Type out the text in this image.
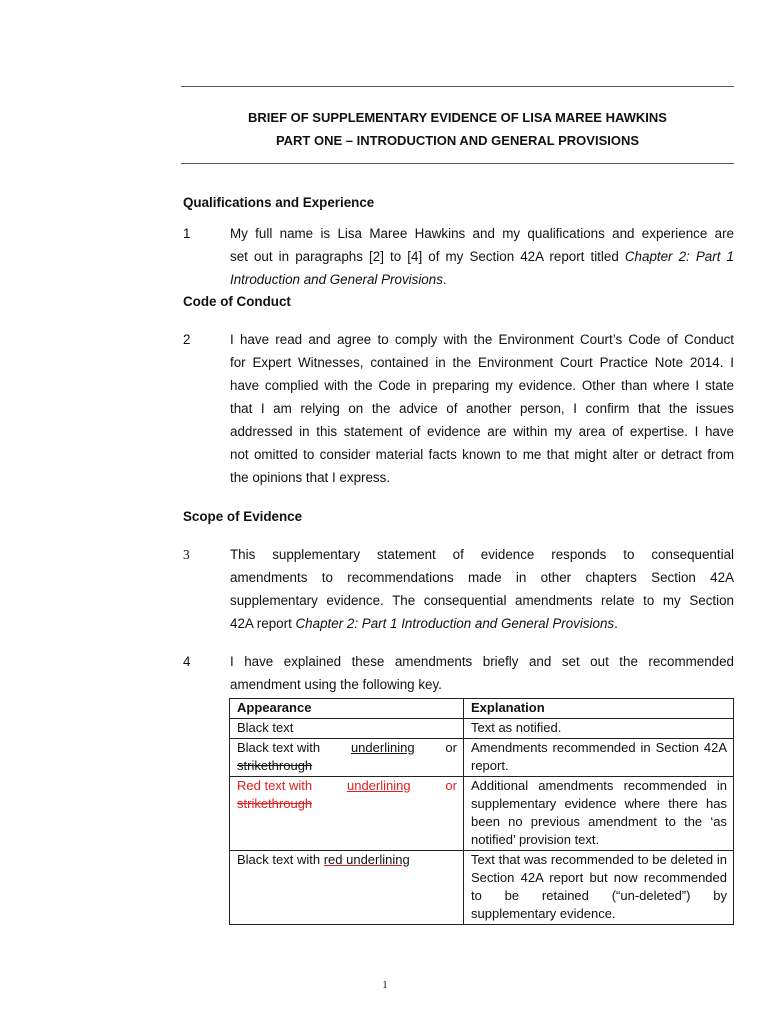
BRIEF OF SUPPLEMENTARY EVIDENCE OF LISA MAREE HAWKINS
PART ONE – INTRODUCTION AND GENERAL PROVISIONS
Qualifications and Experience
1	My full name is Lisa Maree Hawkins and my qualifications and experience are
set out in paragraphs [2] to [4] of my Section 42A report titled Chapter 2: Part 1
Introduction and General Provisions.
Code of Conduct
2	I have read and agree to comply with the Environment Court’s Code of Conduct
for Expert Witnesses, contained in the Environment Court Practice Note 2014. I
have complied with the Code in preparing my evidence. Other than where I state
that I am relying on the advice of another person, I confirm that the issues
addressed in this statement of evidence are within my area of expertise. I have
not omitted to consider material facts known to me that might alter or detract from
the opinions that I express.
Scope of Evidence
3	This supplementary statement of evidence responds to consequential
amendments to recommendations made in other chapters Section 42A
supplementary evidence. The consequential amendments relate to my Section
42A report Chapter 2: Part 1 Introduction and General Provisions.
4	I have explained these amendments briefly and set out the recommended
amendment using the following key.
Appearance	Explanation
Black text	Text as notified.

Black text with underlining or
strikethrough	Amendments recommended in Section 42A report.

Red text with underlining or
strikethrough	Additional amendments recommended in supplementary evidence where there has been no previous amendment to the ‘as notified’ provision text.
Black text with red underlining	Text that was recommended to be deleted in Section 42A report but now recommended to be retained (“un-deleted”) by supplementary evidence.
1
